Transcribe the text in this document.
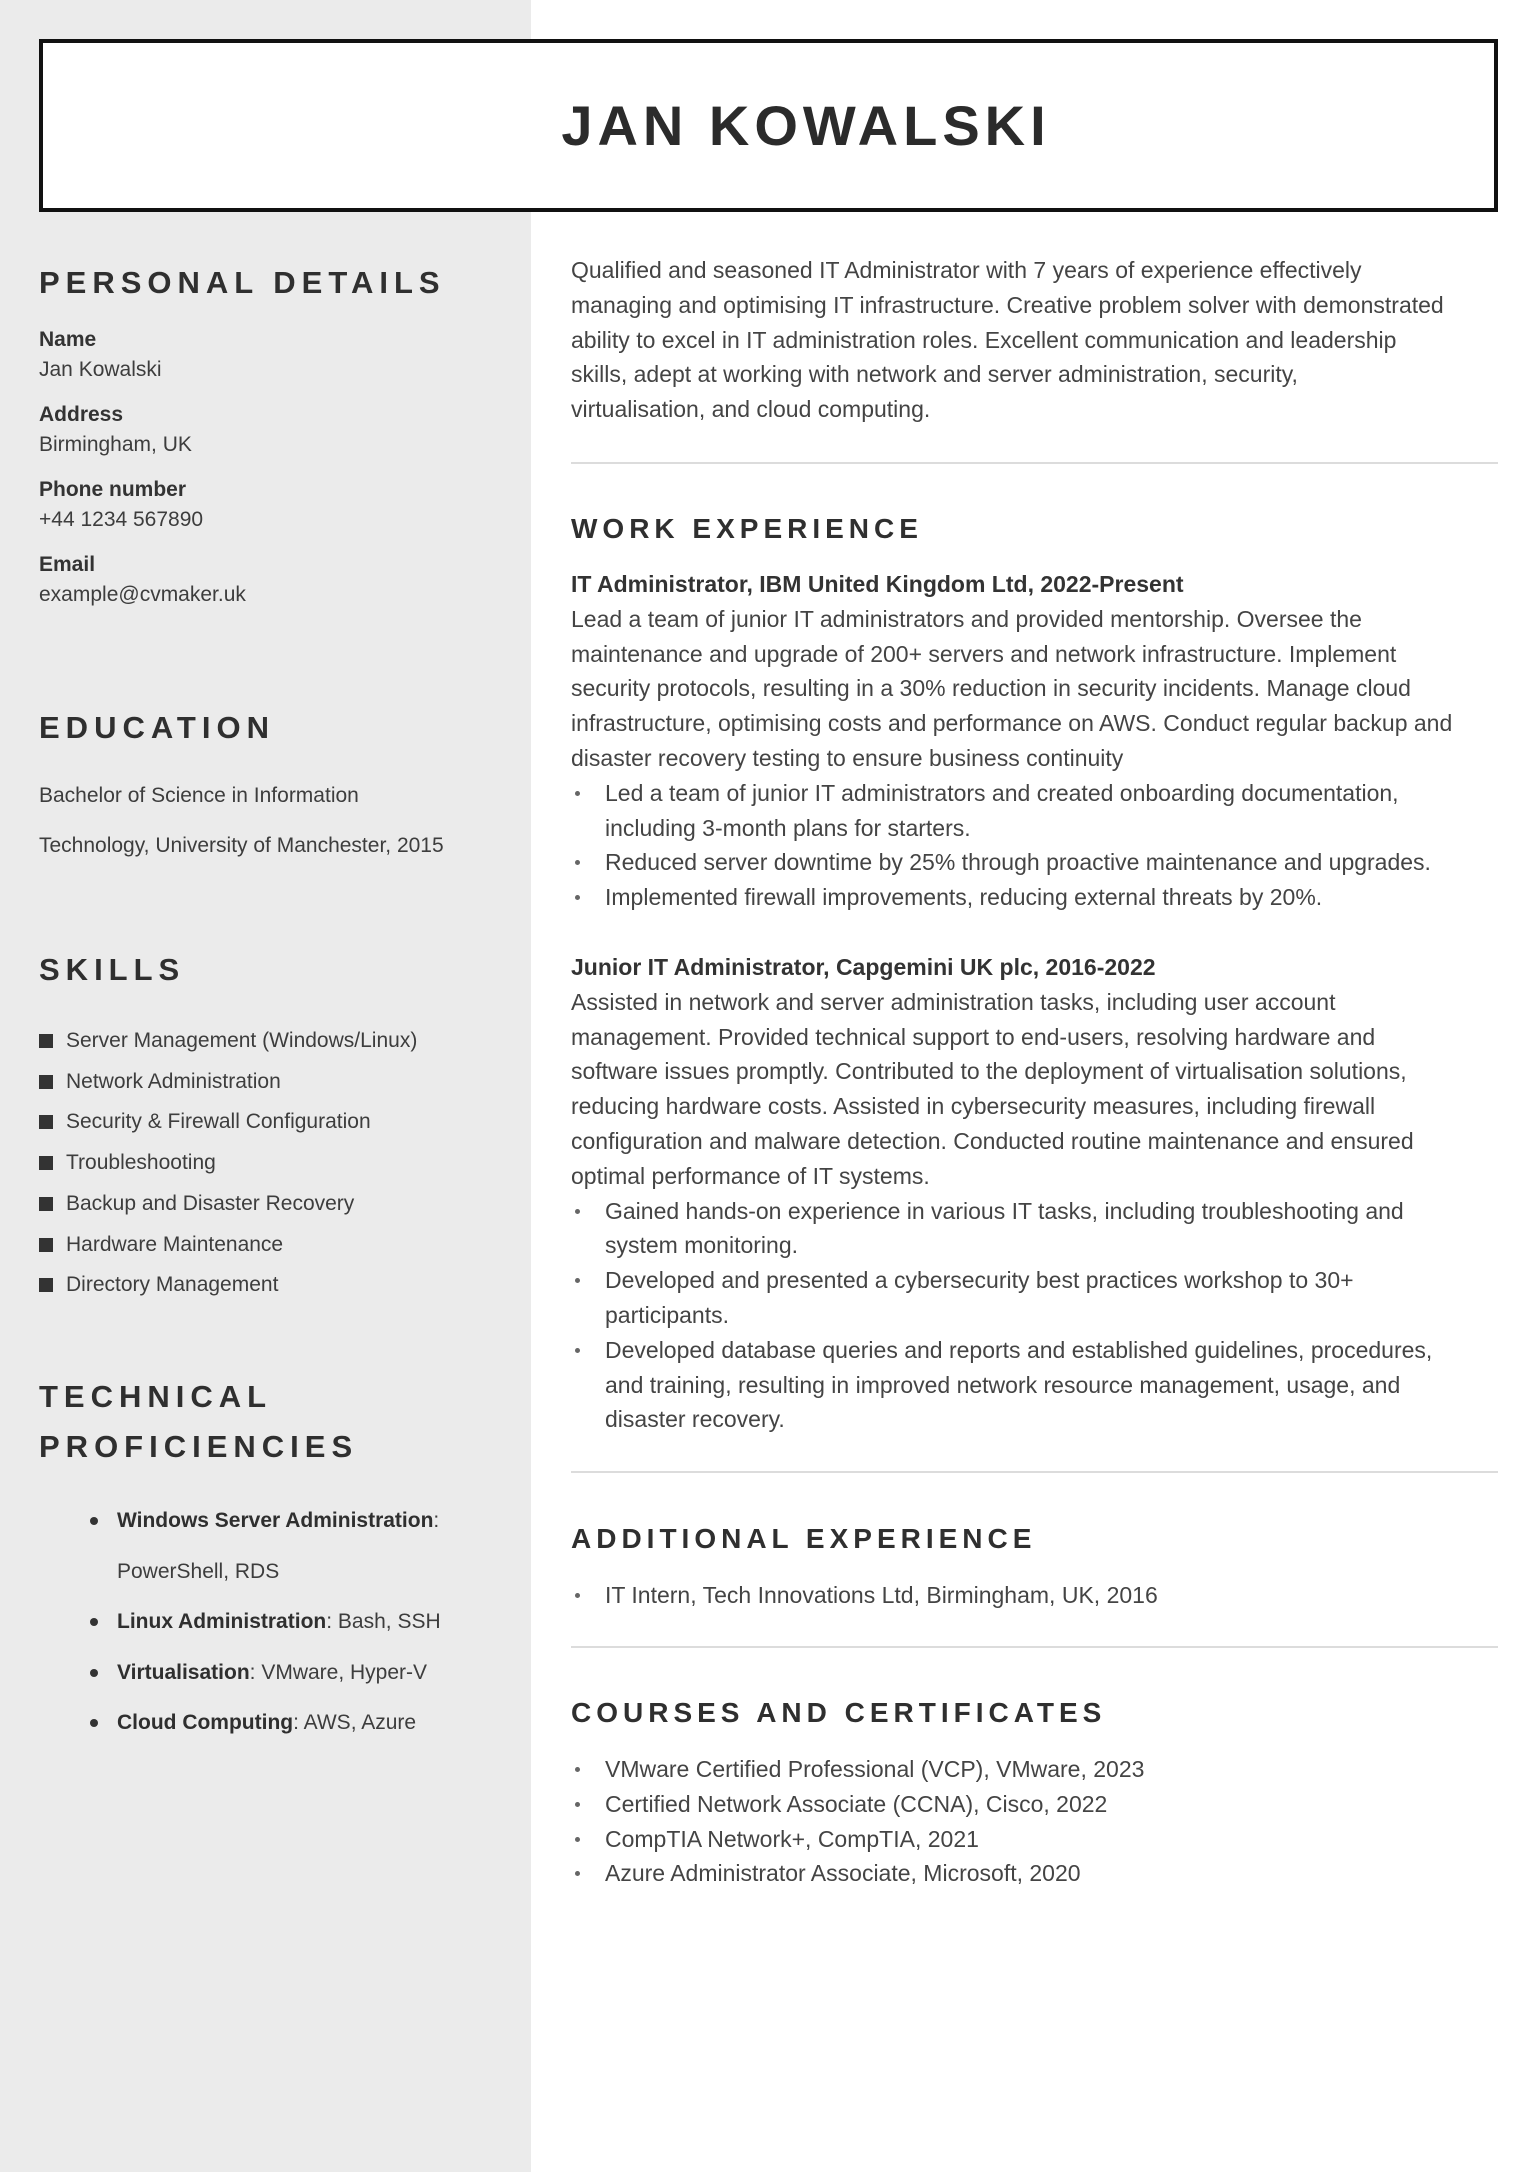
JAN KOWALSKI
PERSONAL DETAILS
Name
Jan Kowalski
Address
Birmingham, UK
Phone number
+44 1234 567890
Email
example@cvmaker.uk
EDUCATION
Bachelor of Science in Information
Technology, University of Manchester, 2015
SKILLS
Server Management (Windows/Linux)
Network Administration
Security & Firewall Configuration
Troubleshooting
Backup and Disaster Recovery
Hardware Maintenance
Directory Management
TECHNICAL
PROFICIENCIES
Windows Server Administration:
PowerShell, RDS
Linux Administration: Bash, SSH
Virtualisation: VMware, Hyper-V
Cloud Computing: AWS, Azure
Qualified and seasoned IT Administrator with 7 years of experience effectively
managing and optimising IT infrastructure. Creative problem solver with demonstrated
ability to excel in IT administration roles. Excellent communication and leadership
skills, adept at working with network and server administration, security,
virtualisation, and cloud computing.
WORK EXPERIENCE
IT Administrator, IBM United Kingdom Ltd, 2022-Present
Lead a team of junior IT administrators and provided mentorship. Oversee the
maintenance and upgrade of 200+ servers and network infrastructure. Implement
security protocols, resulting in a 30% reduction in security incidents. Manage cloud
infrastructure, optimising costs and performance on AWS. Conduct regular backup and
disaster recovery testing to ensure business continuity
Led a team of junior IT administrators and created onboarding documentation,
including 3-month plans for starters.
Reduced server downtime by 25% through proactive maintenance and upgrades.
Implemented firewall improvements, reducing external threats by 20%.
Junior IT Administrator, Capgemini UK plc, 2016-2022
Assisted in network and server administration tasks, including user account
management. Provided technical support to end-users, resolving hardware and
software issues promptly. Contributed to the deployment of virtualisation solutions,
reducing hardware costs. Assisted in cybersecurity measures, including firewall
configuration and malware detection. Conducted routine maintenance and ensured
optimal performance of IT systems.
Gained hands-on experience in various IT tasks, including troubleshooting and
system monitoring.
Developed and presented a cybersecurity best practices workshop to 30+
participants.
Developed database queries and reports and established guidelines, procedures,
and training, resulting in improved network resource management, usage, and
disaster recovery.
ADDITIONAL EXPERIENCE
IT Intern, Tech Innovations Ltd, Birmingham, UK, 2016
COURSES AND CERTIFICATES
VMware Certified Professional (VCP), VMware, 2023
Certified Network Associate (CCNA), Cisco, 2022
CompTIA Network+, CompTIA, 2021
Azure Administrator Associate, Microsoft, 2020
